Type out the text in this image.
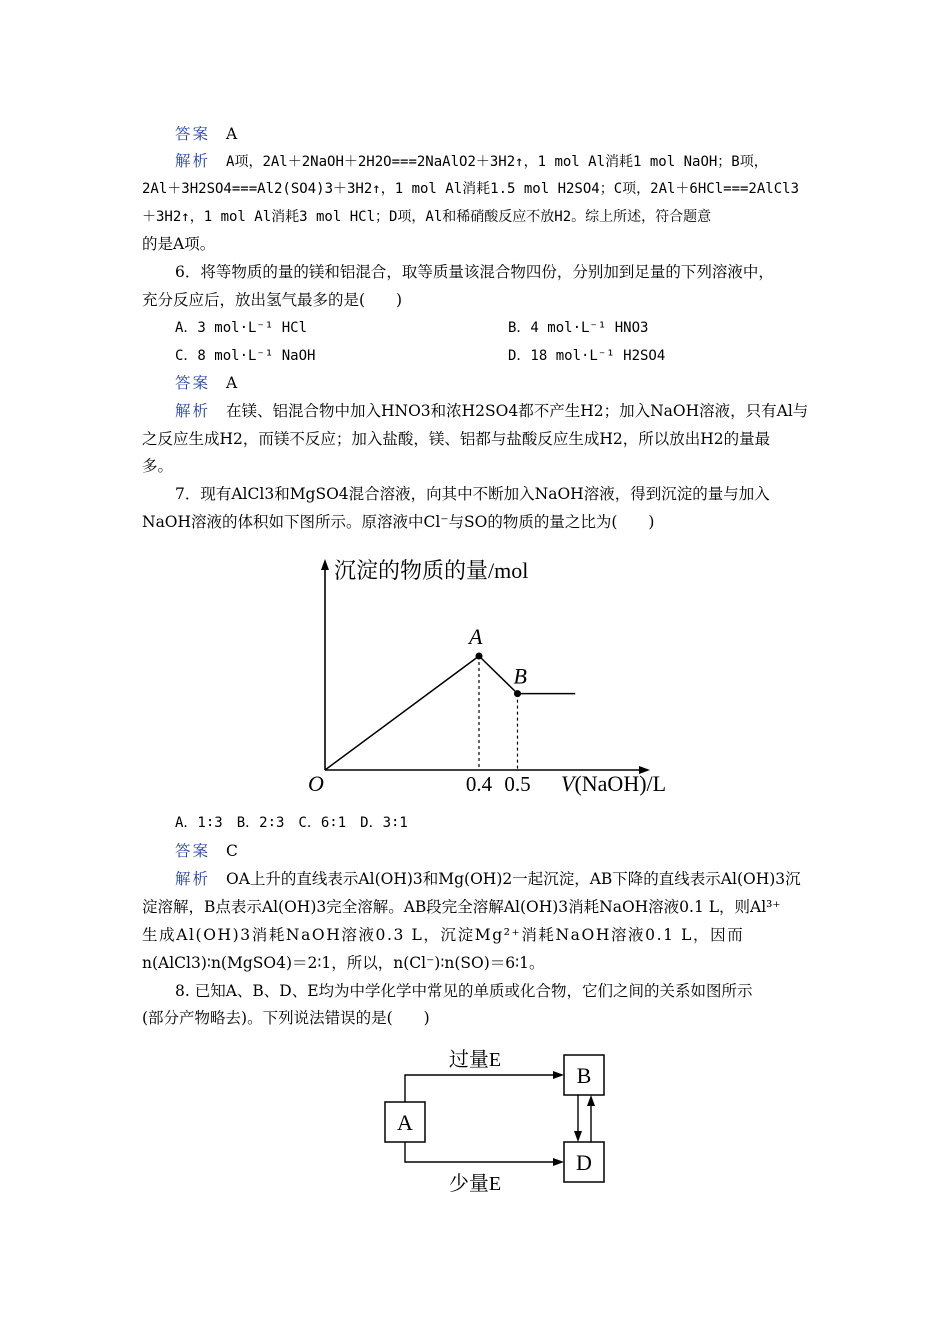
答案 A
解析 A项，2Al＋2NaOH＋2H2O===2NaAlO2＋3H2↑，1 mol Al消耗1 mol NaOH；B项，
2Al＋3H2SO4===Al2(SO4)3＋3H2↑，1 mol Al消耗1.5 mol H2SO4；C项，2Al＋6HCl===2AlCl3
＋3H2↑，1 mol Al消耗3 mol HCl；D项，Al和稀硝酸反应不放H2。综上所述，符合题意
的是A项。
6．将等物质的量的镁和铝混合，取等质量该混合物四份，分别加到足量的下列溶液中，
充分反应后，放出氢气最多的是(　　)
A．3 mol·L⁻¹ HCl	B．4 mol·L⁻¹ HNO3
C．8 mol·L⁻¹ NaOH	D．18 mol·L⁻¹ H2SO4
答案 A
解析 在镁、铝混合物中加入HNO3和浓H2SO4都不产生H2；加入NaOH溶液，只有Al与
之反应生成H2，而镁不反应；加入盐酸，镁、铝都与盐酸反应生成H2，所以放出H2的量最
多。
7．现有AlCl3和MgSO4混合溶液，向其中不断加入NaOH溶液，得到沉淀的量与加入
NaOH溶液的体积如下图所示。原溶液中Cl⁻与SO的物质的量之比为(　　)
沉淀的物质的量/mol
O	V(NaOH)/L
A
B
0.4 0.5
A．1∶3　B．2∶3　C．6∶1　D．3∶1
答案 C
解析 OA上升的直线表示Al(OH)3和Mg(OH)2一起沉淀，AB下降的直线表示Al(OH)3沉
淀溶解，B点表示Al(OH)3完全溶解。AB段完全溶解Al(OH)3消耗NaOH溶液0.1 L，则Al³⁺
生成Al(OH)3消耗NaOH溶液0.3 L，沉淀Mg²⁺消耗NaOH溶液0.1 L，因而
n(AlCl3)∶n(MgSO4)＝2∶1，所以，n(Cl⁻)∶n(SO)＝6∶1。
8. 已知A、B、D、E均为中学化学中常见的单质或化合物，它们之间的关系如图所示
(部分产物略去)。下列说法错误的是(　　)
A
B
D
过量E
少量E
